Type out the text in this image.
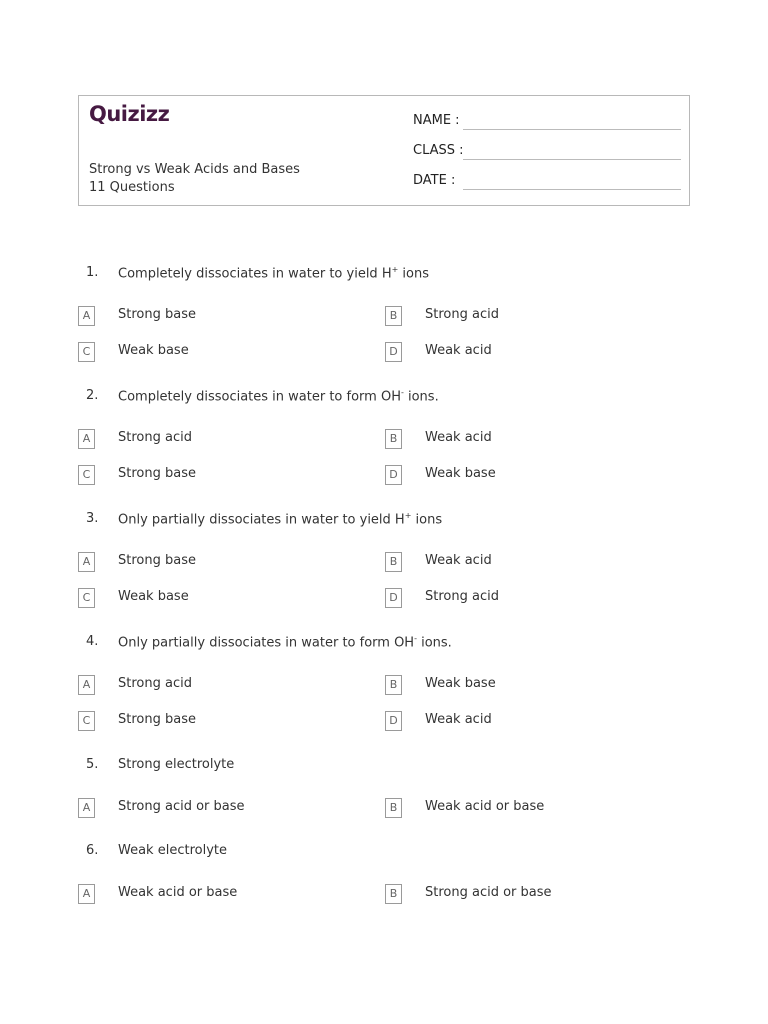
Quizizz
Strong vs Weak Acids and Bases
11 Questions
NAME :
CLASS :
DATE :
1. Completely dissociates in water to yield H+ ions
A	Strong base	B	Strong acid
C	Weak base	D	Weak acid
2. Completely dissociates in water to form OH- ions.
A	Strong acid	B	Weak acid
C	Strong base	D	Weak base
3. Only partially dissociates in water to yield H+ ions
A	Strong base	B	Weak acid
C	Weak base	D	Strong acid
4. Only partially dissociates in water to form OH- ions.
A	Strong acid	B	Weak base
C	Strong base	D	Weak acid
5. Strong electrolyte
A	Strong acid or base	B	Weak acid or base
6. Weak electrolyte
A	Weak acid or base	B	Strong acid or base
